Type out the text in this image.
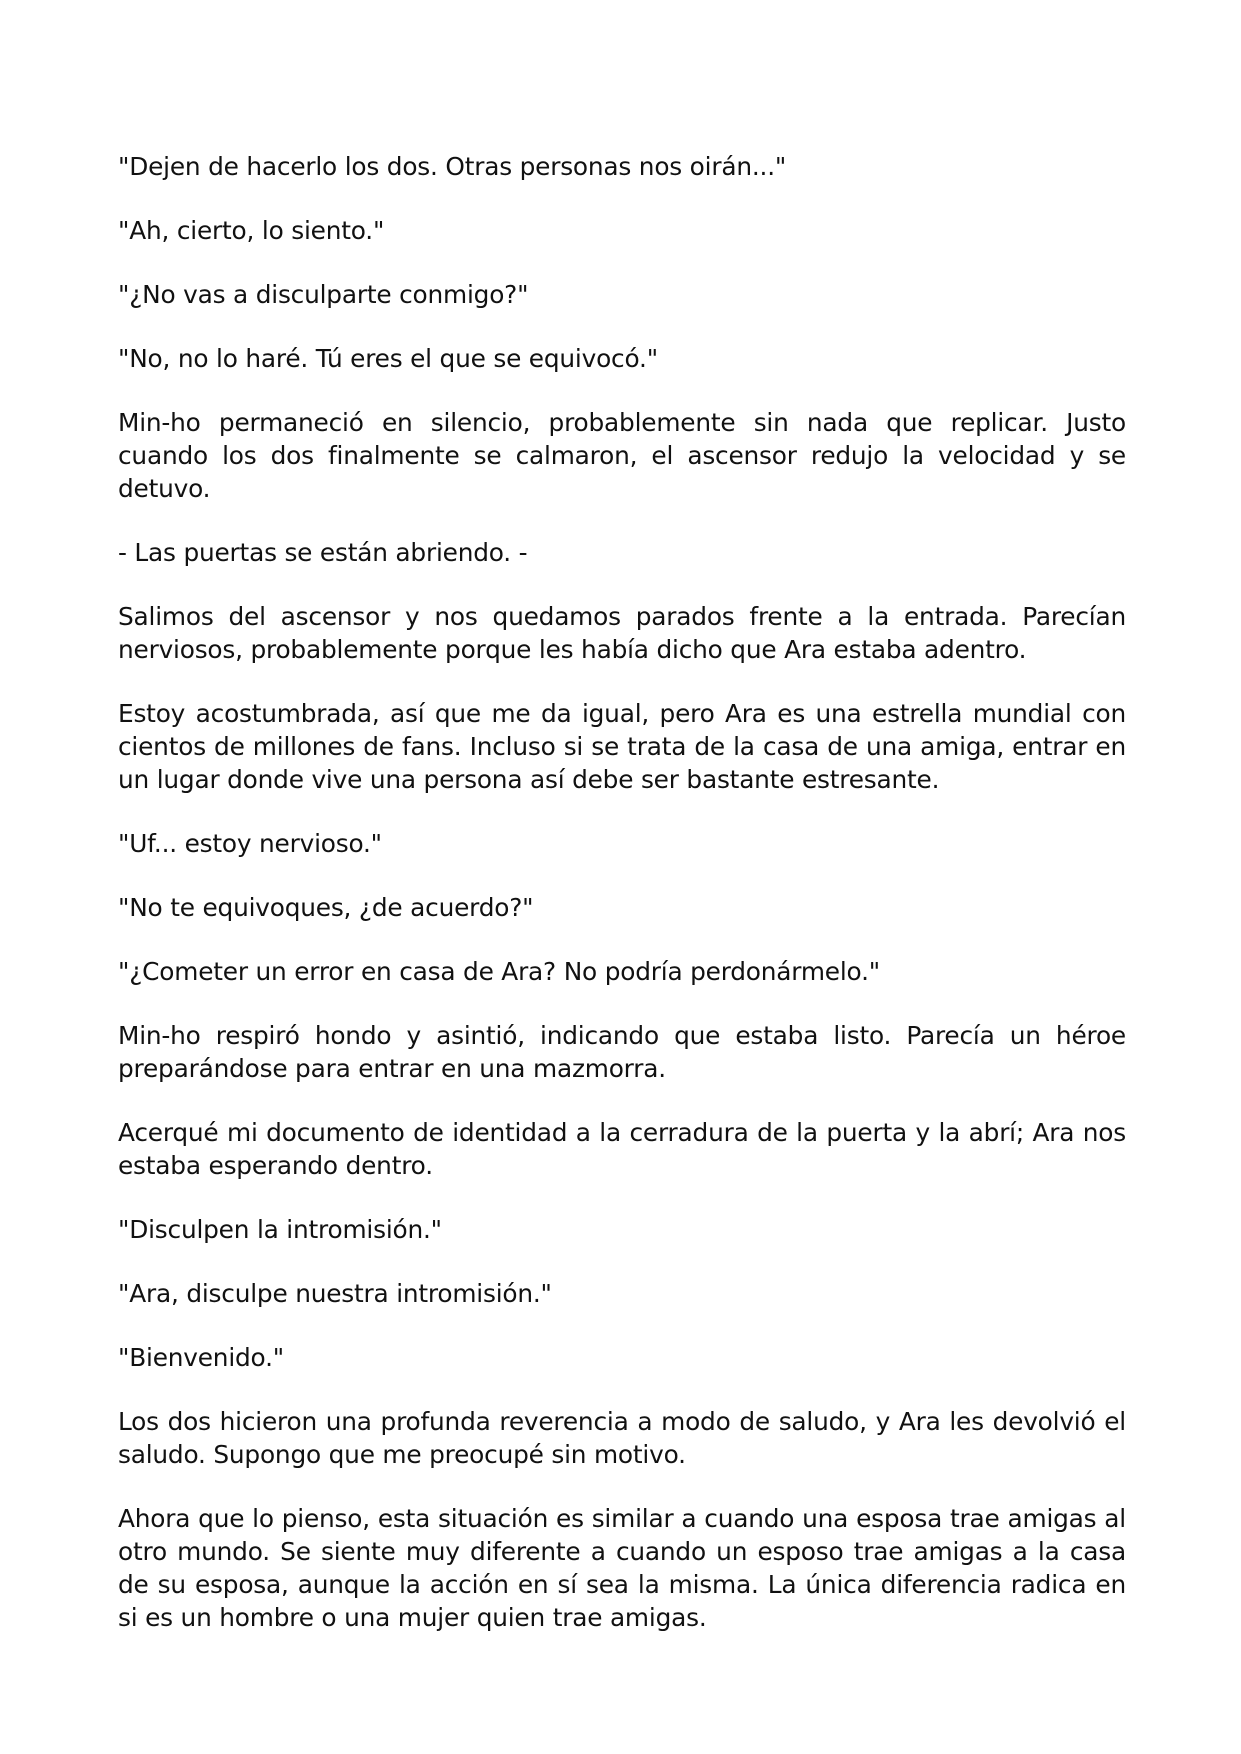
"Dejen de hacerlo los dos. Otras personas nos oirán..."

"Ah, cierto, lo siento."

"¿No vas a disculparte conmigo?"

"No, no lo haré. Tú eres el que se equivocó."

Min-ho permaneció en silencio, probablemente sin nada que replicar. Justo cuando los dos finalmente se calmaron, el ascensor redujo la velocidad y se detuvo.

- Las puertas se están abriendo. -

Salimos del ascensor y nos quedamos parados frente a la entrada. Parecían nerviosos, probablemente porque les había dicho que Ara estaba adentro.

Estoy acostumbrada, así que me da igual, pero Ara es una estrella mundial con cientos de millones de fans. Incluso si se trata de la casa de una amiga, entrar en un lugar donde vive una persona así debe ser bastante estresante.

"Uf... estoy nervioso."

"No te equivoques, ¿de acuerdo?"

"¿Cometer un error en casa de Ara? No podría perdonármelo."

Min-ho respiró hondo y asintió, indicando que estaba listo. Parecía un héroe preparándose para entrar en una mazmorra.

Acerqué mi documento de identidad a la cerradura de la puerta y la abrí; Ara nos estaba esperando dentro.

"Disculpen la intromisión."

"Ara, disculpe nuestra intromisión."

"Bienvenido."

Los dos hicieron una profunda reverencia a modo de saludo, y Ara les devolvió el saludo. Supongo que me preocupé sin motivo.

Ahora que lo pienso, esta situación es similar a cuando una esposa trae amigas al otro mundo. Se siente muy diferente a cuando un esposo trae amigas a la casa de su esposa, aunque la acción en sí sea la misma. La única diferencia radica en si es un hombre o una mujer quien trae amigas.
